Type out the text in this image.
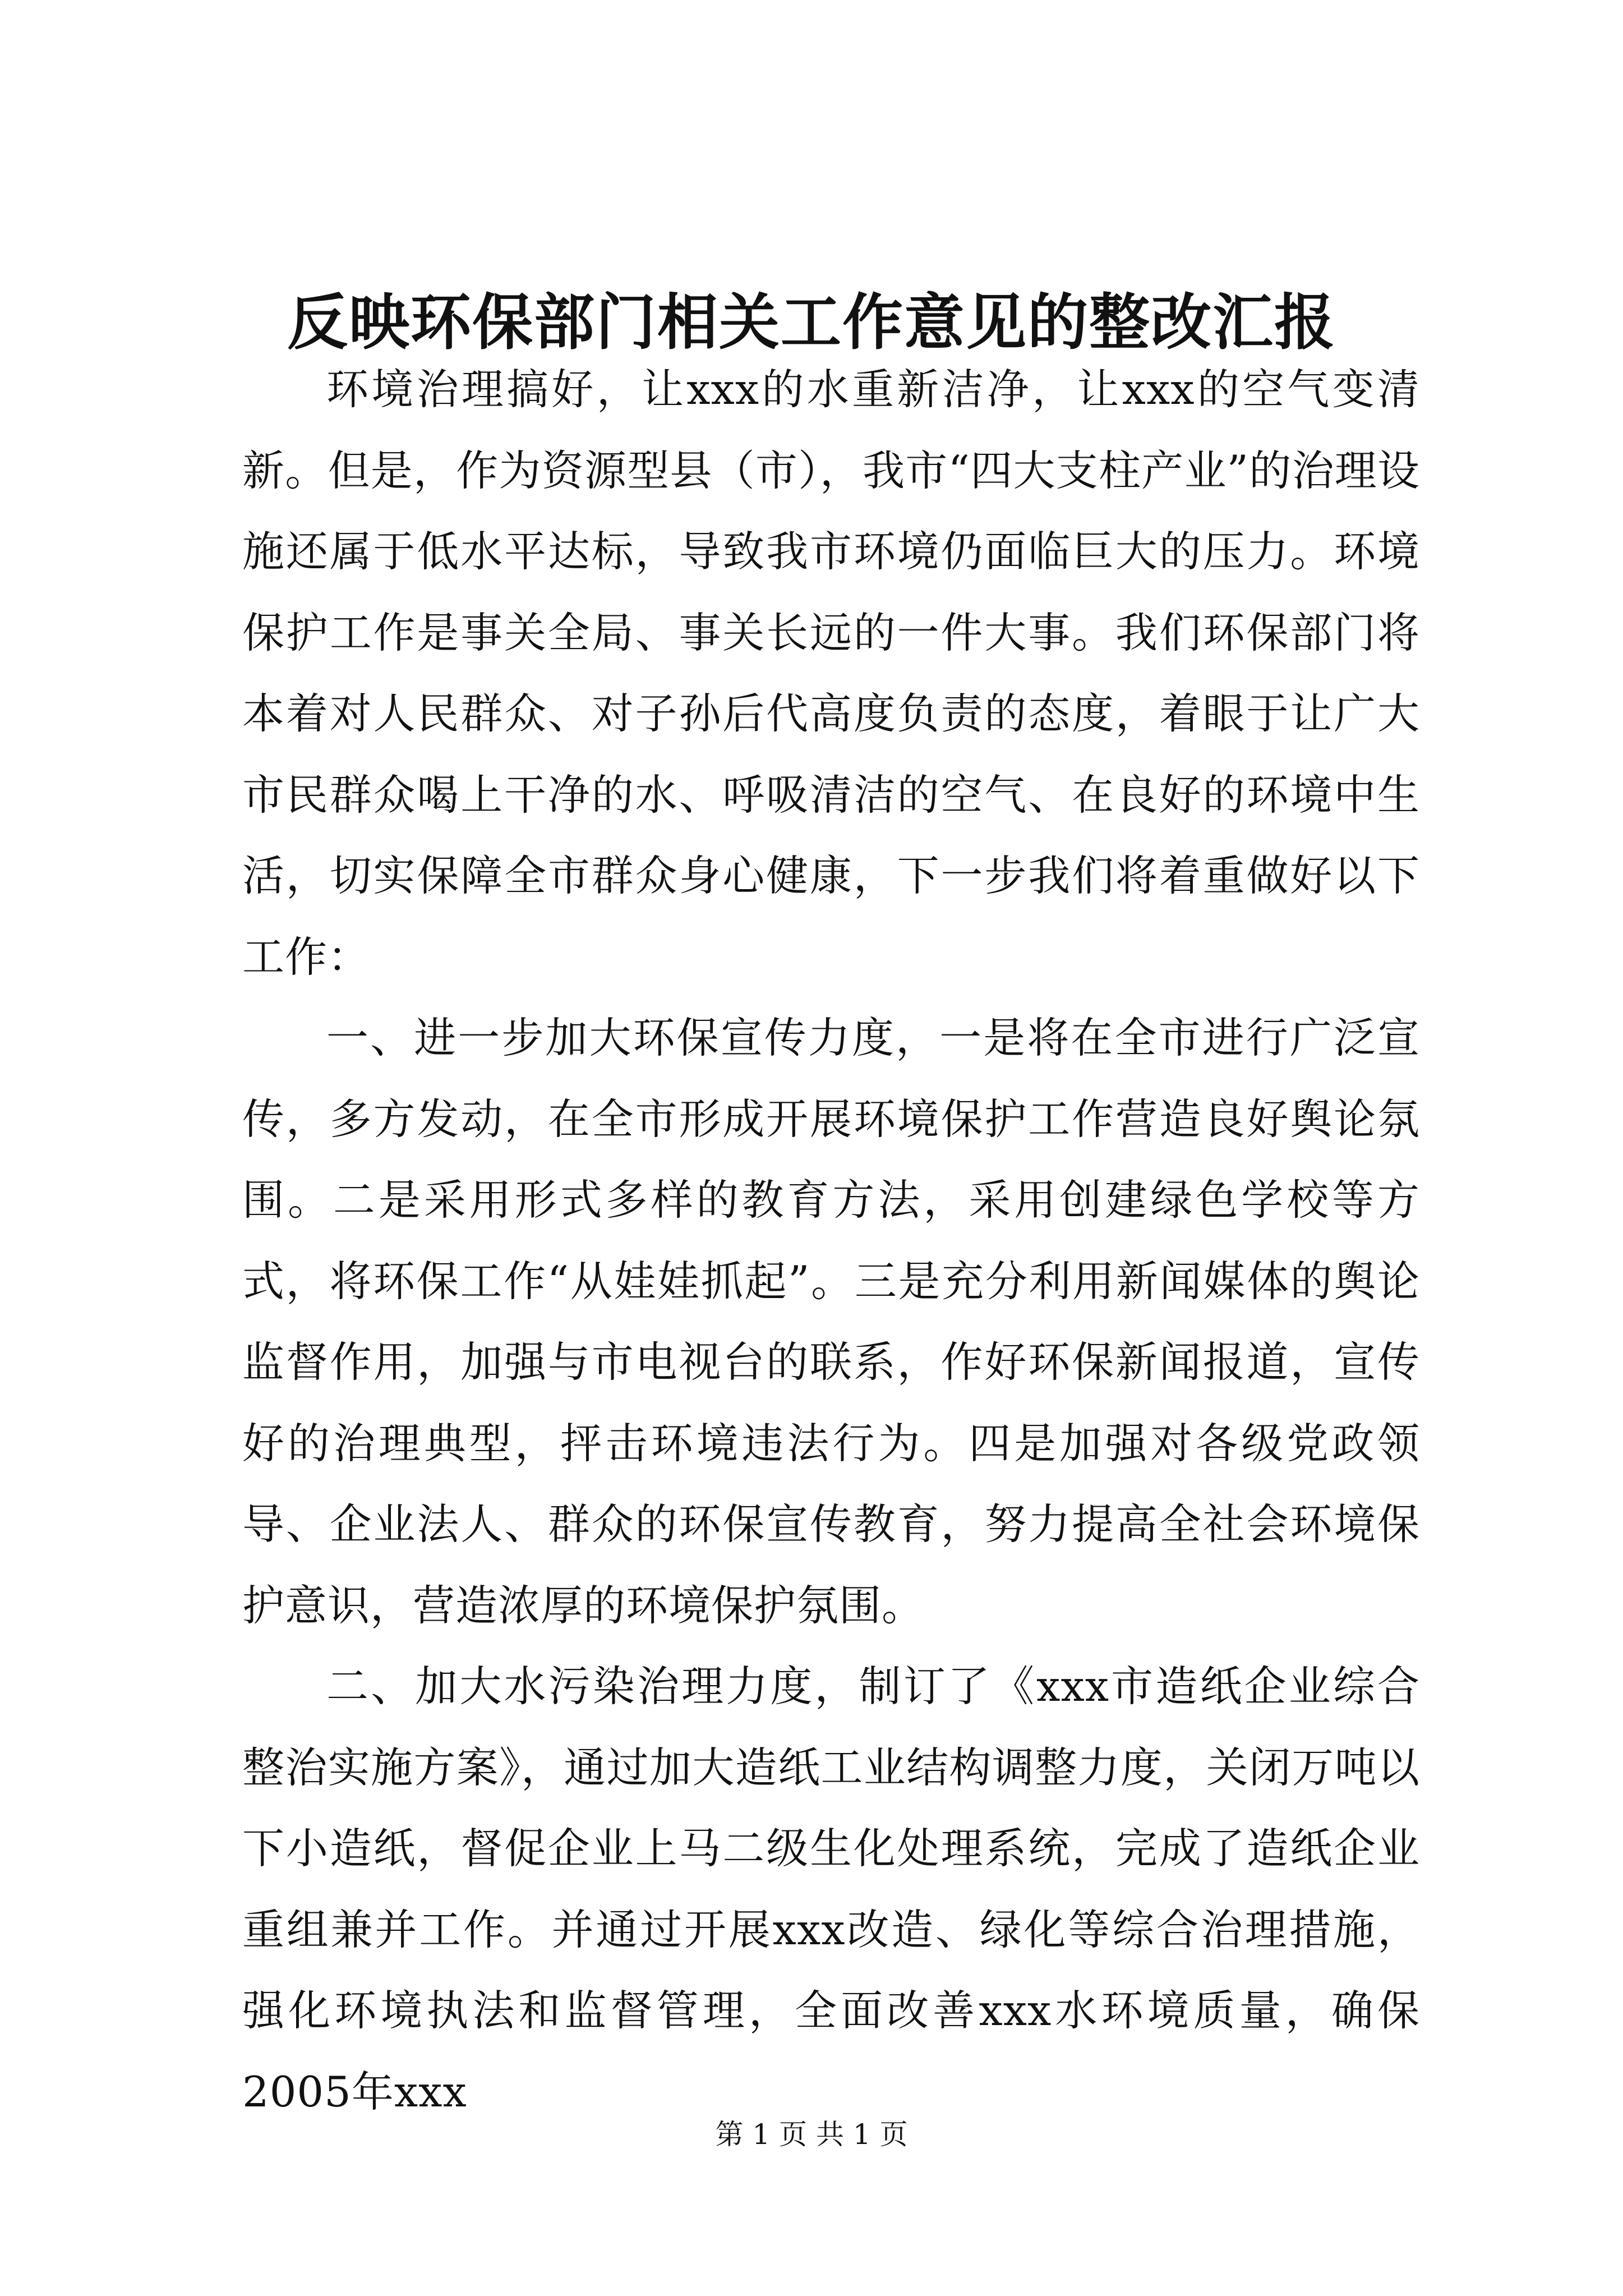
反映环保部门相关工作意见的整改汇报

环境治理搞好，让xxx的水重新洁净，让xxx的空气变清新。但是，作为资源型县（市），我市“四大支柱产业”的治理设施还属于低水平达标，导致我市环境仍面临巨大的压力。环境保护工作是事关全局、事关长远的一件大事。我们环保部门将本着对人民群众、对子孙后代高度负责的态度，着眼于让广大市民群众喝上干净的水、呼吸清洁的空气、在良好的环境中生活，切实保障全市群众身心健康，下一步我们将着重做好以下工作：

一、进一步加大环保宣传力度，一是将在全市进行广泛宣传，多方发动，在全市形成开展环境保护工作营造良好舆论氛围。二是采用形式多样的教育方法，采用创建绿色学校等方式，将环保工作“从娃娃抓起”。三是充分利用新闻媒体的舆论监督作用，加强与市电视台的联系，作好环保新闻报道，宣传好的治理典型，抨击环境违法行为。四是加强对各级党政领导、企业法人、群众的环保宣传教育，努力提高全社会环境保护意识，营造浓厚的环境保护氛围。

二、加大水污染治理力度，制订了《xxx市造纸企业综合整治实施方案》，通过加大造纸工业结构调整力度，关闭万吨以下小造纸，督促企业上马二级生化处理系统，完成了造纸企业重组兼并工作。并通过开展xxx改造、绿化等综合治理措施，强化环境执法和监督管理，全面改善xxx水环境质量，确保2005年xxx

第 1 页 共 1 页
